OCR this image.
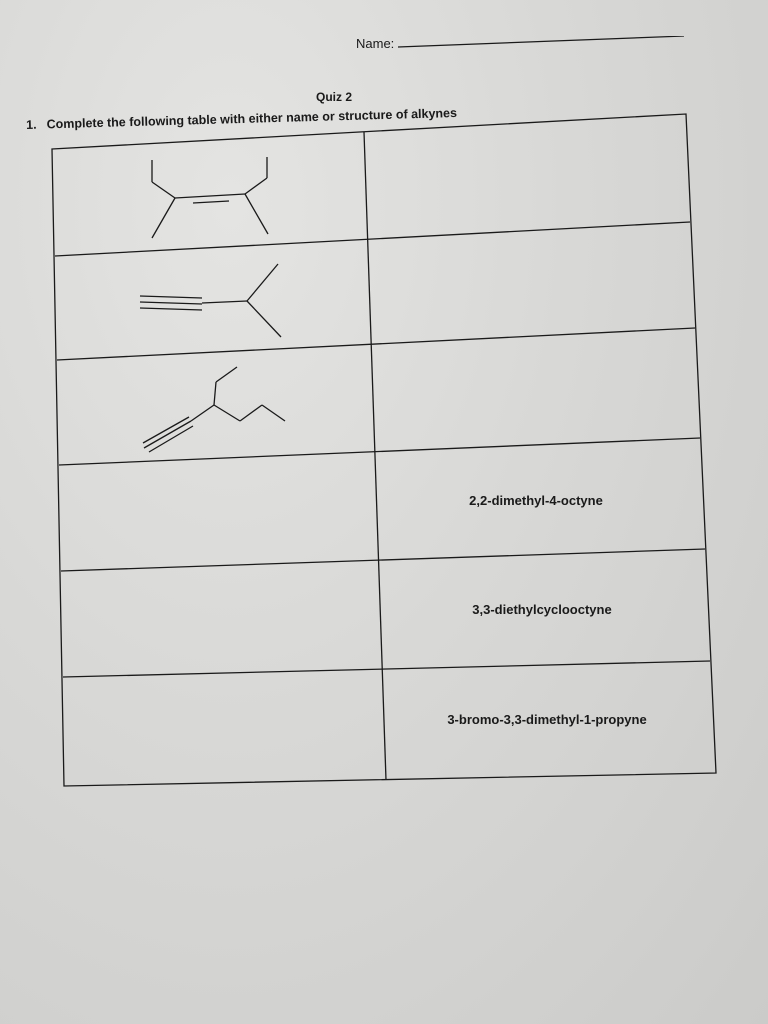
Name:
Quiz 2
1. Complete the following table with either name or structure of alkynes
2,2-dimethyl-4-octyne
3,3-diethylcyclooctyne
3-bromo-3,3-dimethyl-1-propyne
